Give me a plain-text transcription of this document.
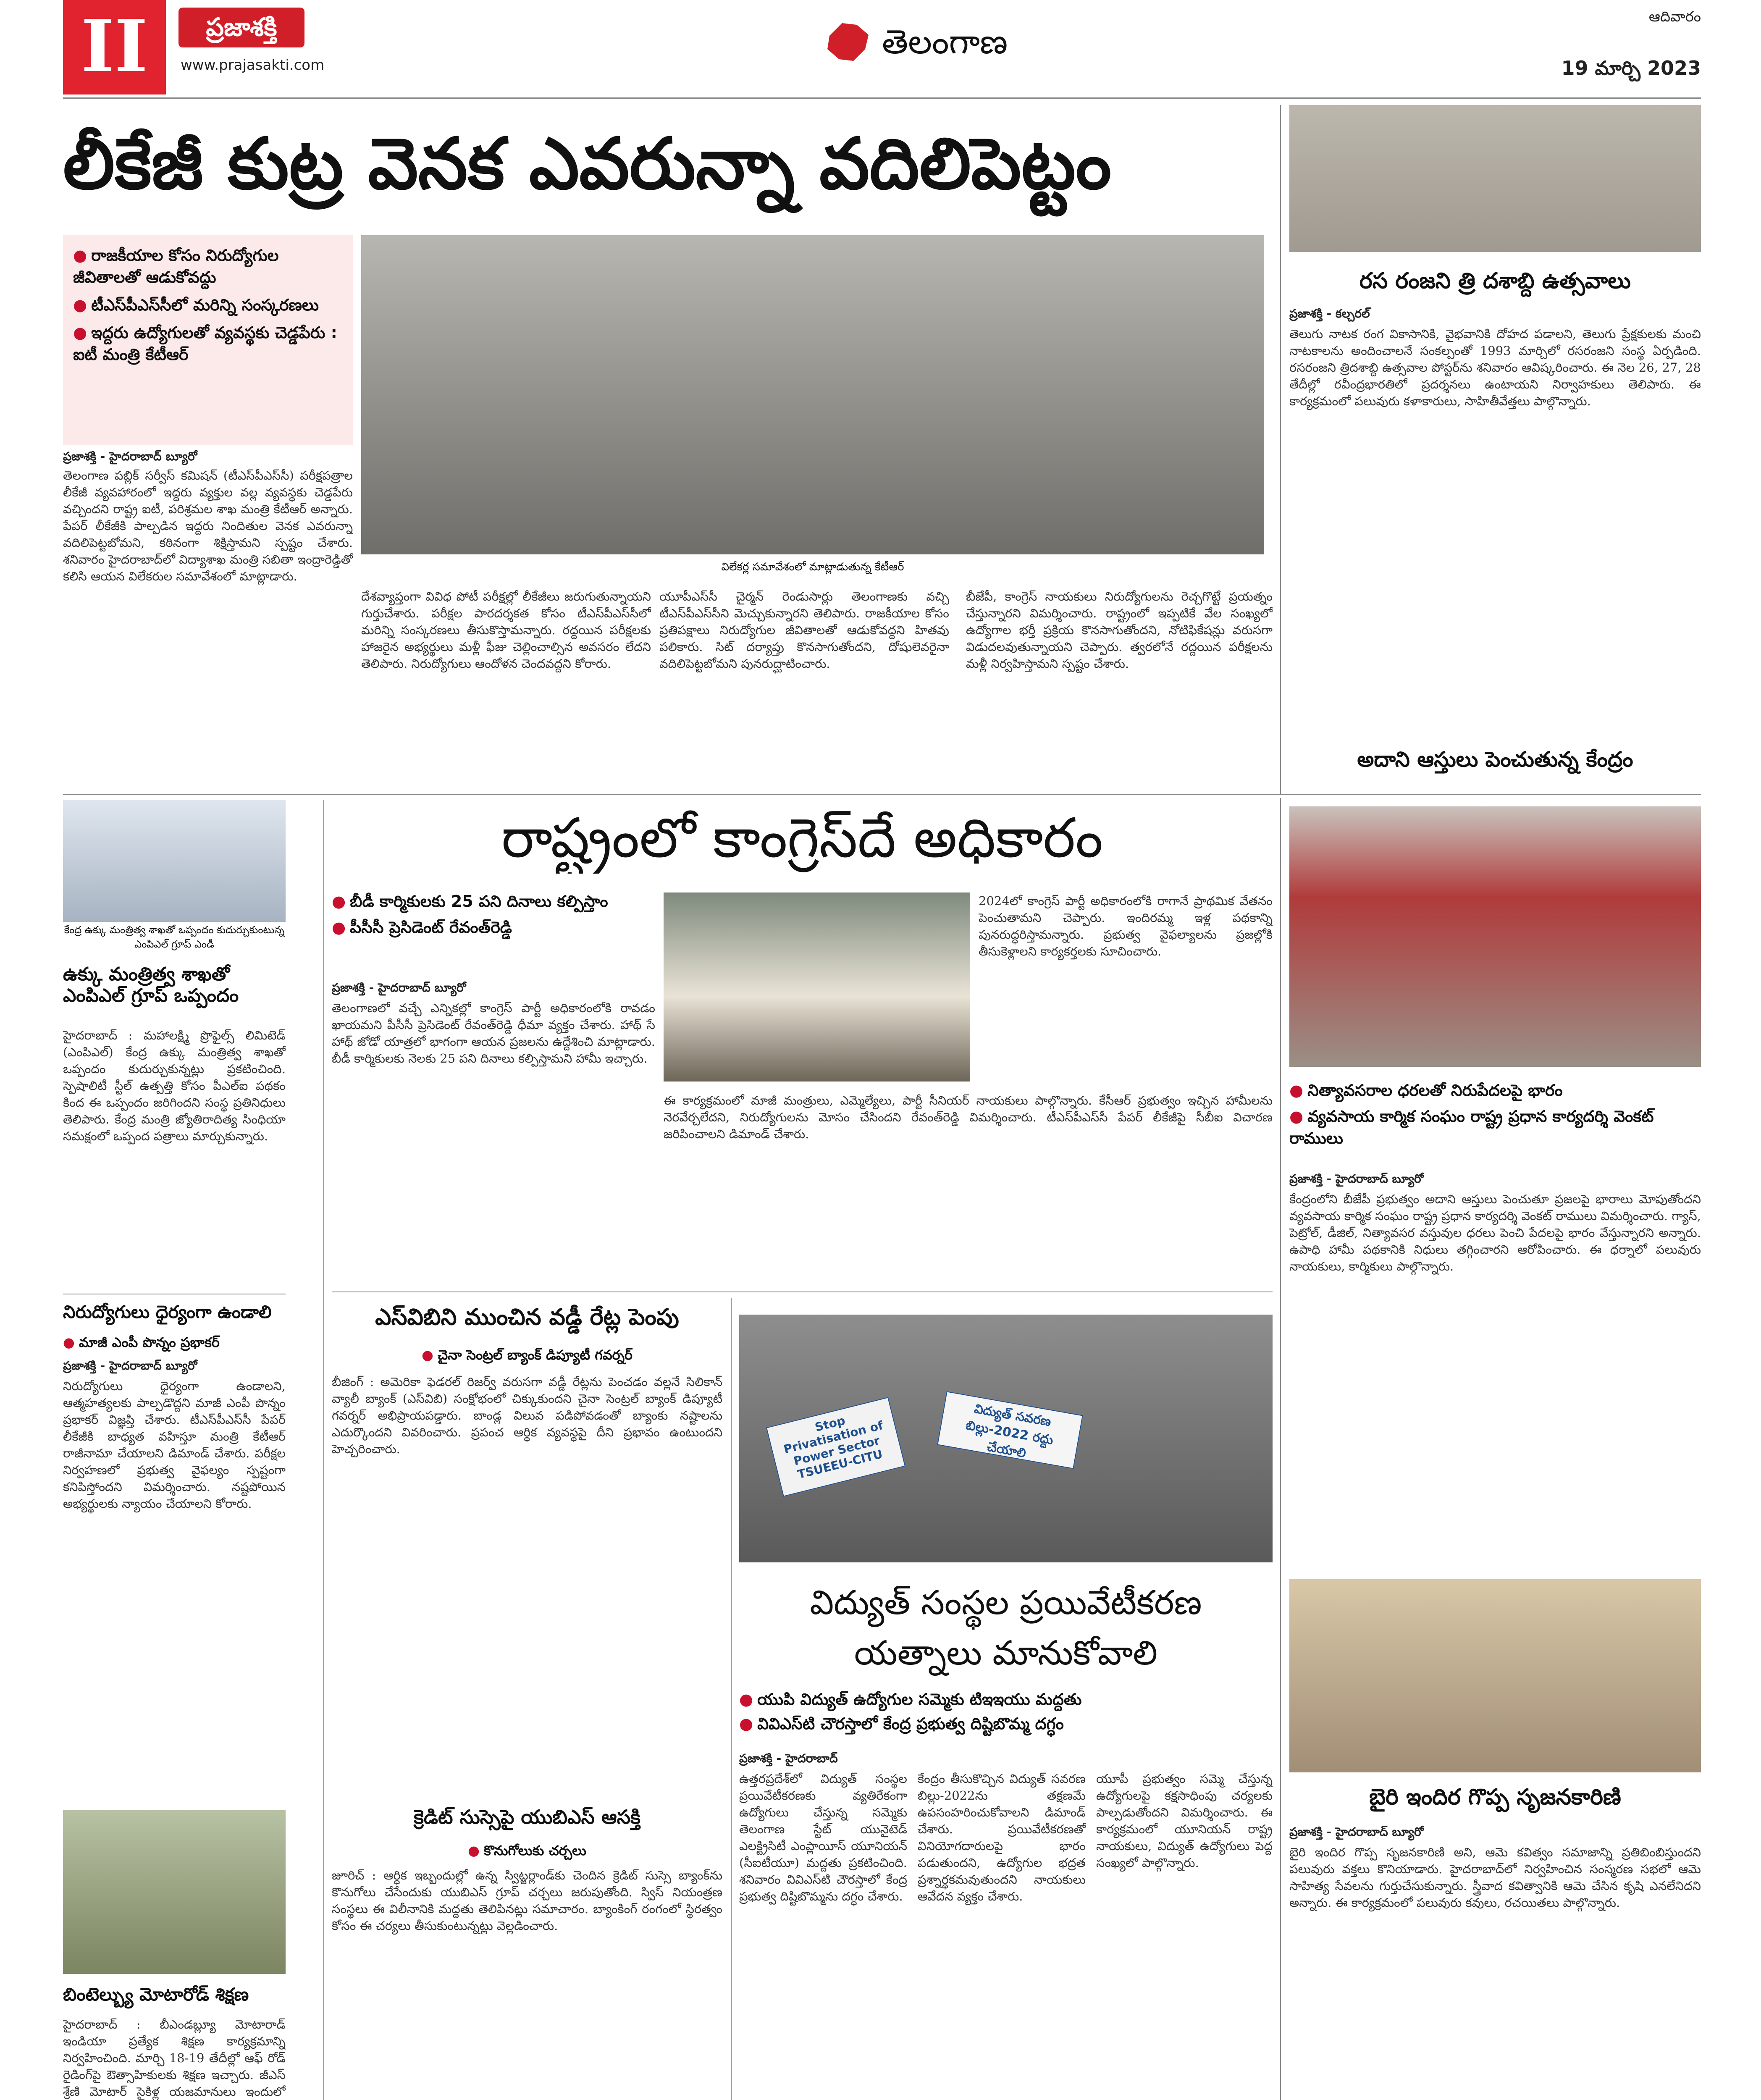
II	ప్రజాశక్తి
www.prajasakti.com
తెలంగాణ
ఆదివారం
19 మార్చి 2023
లీకేజీ కుట్ర వెనక ఎవరున్నా వదిలిపెట్టం
● రాజకీయాల కోసం నిరుద్యోగుల జీవితాలతో ఆడుకోవద్దు
● టీఎస్‌పీఎస్‌సీలో మరిన్ని సంస్కరణలు
● ఇద్దరు ఉద్యోగులతో వ్యవస్థకు చెడ్డపేరు : ఐటీ మంత్రి కేటీఆర్
విలేకర్ల సమావేశంలో మాట్లాడుతున్న కేటీఆర్
ప్రజాశక్తి - హైదరాబాద్ బ్యూరో
తెలంగాణ పబ్లిక్ సర్వీస్ కమిషన్ (టీఎస్‌పీఎస్‌సీ) పరీక్షపత్రాల లీకేజీ వ్యవహారంలో ఇద్దరు వ్యక్తుల వల్ల వ్యవస్థకు చెడ్డపేరు వచ్చిందని రాష్ట్ర ఐటీ, పరిశ్రమల శాఖ మంత్రి కేటీఆర్ అన్నారు. పేపర్ లీకేజీకి పాల్పడిన ఇద్దరు నిందితుల వెనక ఎవరున్నా వదిలిపెట్టబోమని, కఠినంగా శిక్షిస్తామని స్పష్టం చేశారు. శనివారం హైదరాబాద్‌లో విద్యాశాఖ మంత్రి సబితా ఇంద్రారెడ్డితో కలిసి ఆయన విలేకరుల సమావేశంలో మాట్లాడారు.
దేశవ్యాప్తంగా వివిధ పోటీ పరీక్షల్లో లీకేజీలు జరుగుతున్నాయని గుర్తుచేశారు. పరీక్షల పారదర్శకత కోసం టీఎస్‌పీఎస్‌సీలో మరిన్ని సంస్కరణలు తీసుకొస్తామన్నారు. రద్దయిన పరీక్షలకు హాజరైన అభ్యర్థులు మళ్లీ ఫీజు చెల్లించాల్సిన అవసరం లేదని తెలిపారు. నిరుద్యోగులు ఆందోళన చెందవద్దని కోరారు.
యూపీఎస్‌సీ చైర్మన్ రెండుసార్లు తెలంగాణకు వచ్చి టీఎస్‌పీఎస్‌సీని మెచ్చుకున్నారని తెలిపారు. రాజకీయాల కోసం ప్రతిపక్షాలు నిరుద్యోగుల జీవితాలతో ఆడుకోవద్దని హితవు పలికారు. సిట్ దర్యాప్తు కొనసాగుతోందని, దోషులెవరైనా వదిలిపెట్టబోమని పునరుద్ఘాటించారు.
బీజేపీ, కాంగ్రెస్ నాయకులు నిరుద్యోగులను రెచ్చగొట్టే ప్రయత్నం చేస్తున్నారని విమర్శించారు. రాష్ట్రంలో ఇప్పటికే వేల సంఖ్యలో ఉద్యోగాల భర్తీ ప్రక్రియ కొనసాగుతోందని, నోటిఫికేషన్లు వరుసగా విడుదలవుతున్నాయని చెప్పారు. త్వరలోనే రద్దయిన పరీక్షలను మళ్లీ నిర్వహిస్తామని స్పష్టం చేశారు.
రస రంజని త్రి దశాబ్ది ఉత్సవాలు
ప్రజాశక్తి - కల్చరల్
తెలుగు నాటక రంగ వికాసానికి, వైభవానికి దోహద పడాలని, తెలుగు ప్రేక్షకులకు మంచి నాటకాలను అందించాలనే సంకల్పంతో 1993 మార్చిలో రసరంజని సంస్థ ఏర్పడింది. రసరంజని త్రిదశాబ్ది ఉత్సవాల పోస్టర్‌ను శనివారం ఆవిష్కరించారు. ఈ నెల 26, 27, 28 తేదీల్లో రవీంద్రభారతిలో ప్రదర్శనలు ఉంటాయని నిర్వాహకులు తెలిపారు. ఈ కార్యక్రమంలో పలువురు కళాకారులు, సాహితీవేత్తలు పాల్గొన్నారు.
అదాని ఆస్తులు పెంచుతున్న కేంద్రం
● నిత్యావసరాల ధరలతో నిరుపేదలపై భారం
● వ్యవసాయ కార్మిక సంఘం రాష్ట్ర ప్రధాన కార్యదర్శి వెంకట్ రాములు
ప్రజాశక్తి - హైదరాబాద్ బ్యూరో
కేంద్రంలోని బీజేపీ ప్రభుత్వం అదాని ఆస్తులు పెంచుతూ ప్రజలపై భారాలు మోపుతోందని వ్యవసాయ కార్మిక సంఘం రాష్ట్ర ప్రధాన కార్యదర్శి వెంకట్ రాములు విమర్శించారు. గ్యాస్, పెట్రోల్, డీజిల్, నిత్యావసర వస్తువుల ధరలు పెంచి పేదలపై భారం వేస్తున్నారని అన్నారు. ఉపాధి హామీ పథకానికి నిధులు తగ్గించారని ఆరోపించారు. ఈ ధర్నాలో పలువురు నాయకులు, కార్మికులు పాల్గొన్నారు.
కేంద్ర ఉక్కు మంత్రిత్వ శాఖతో ఒప్పందం కుదుర్చుకుంటున్న ఎంపిఎల్ గ్రూప్ ఎండీ
ఉక్కు మంత్రిత్వ శాఖతో ఎంపిఎల్ గ్రూప్ ఒప్పందం
హైదరాబాద్ : మహాలక్ష్మి ప్రొఫైల్స్ లిమిటెడ్ (ఎంపిఎల్) కేంద్ర ఉక్కు మంత్రిత్వ శాఖతో ఒప్పందం కుదుర్చుకున్నట్లు ప్రకటించింది. స్పెషాలిటీ స్టీల్ ఉత్పత్తి కోసం పీఎల్ఐ పథకం కింద ఈ ఒప్పందం జరిగిందని సంస్థ ప్రతినిధులు తెలిపారు. కేంద్ర మంత్రి జ్యోతిరాదిత్య సింధియా సమక్షంలో ఒప్పంద పత్రాలు మార్చుకున్నారు.
నిరుద్యోగులు ధైర్యంగా ఉండాలి
● మాజీ ఎంపీ పొన్నం ప్రభాకర్
ప్రజాశక్తి - హైదరాబాద్ బ్యూరో
నిరుద్యోగులు ధైర్యంగా ఉండాలని, ఆత్మహత్యలకు పాల్పడొద్దని మాజీ ఎంపీ పొన్నం ప్రభాకర్ విజ్ఞప్తి చేశారు. టీఎస్‌పీఎస్‌సీ పేపర్ లీకేజీకి బాధ్యత వహిస్తూ మంత్రి కేటీఆర్ రాజీనామా చేయాలని డిమాండ్ చేశారు. పరీక్షల నిర్వహణలో ప్రభుత్వ వైఫల్యం స్పష్టంగా కనిపిస్తోందని విమర్శించారు. నష్టపోయిన అభ్యర్థులకు న్యాయం చేయాలని కోరారు.
బింటెల్బ్యు మోటారోడ్ శిక్షణ
హైదరాబాద్ : బీఎండబ్ల్యూ మోటారాడ్ ఇండియా ప్రత్యేక శిక్షణ కార్యక్రమాన్ని నిర్వహించింది. మార్చి 18-19 తేదీల్లో ఆఫ్ రోడ్ రైడింగ్‌పై ఔత్సాహికులకు శిక్షణ ఇచ్చారు. జీఎస్ శ్రేణి మోటార్ సైకిళ్ల యజమానులు ఇందులో
రాష్ట్రంలో కాంగ్రెస్‌దే అధికారం
● బీడీ కార్మికులకు 25 పని దినాలు కల్పిస్తాం
● పీసీసీ ప్రెసిడెంట్ రేవంత్‌రెడ్డి
ప్రజాశక్తి - హైదరాబాద్ బ్యూరో
తెలంగాణలో వచ్చే ఎన్నికల్లో కాంగ్రెస్ పార్టీ అధికారంలోకి రావడం ఖాయమని పీసీసీ ప్రెసిడెంట్ రేవంత్‌రెడ్డి ధీమా వ్యక్తం చేశారు. హాథ్ సే హాథ్ జోడో యాత్రలో భాగంగా ఆయన ప్రజలను ఉద్దేశించి మాట్లాడారు. బీడీ కార్మికులకు నెలకు 25 పని దినాలు కల్పిస్తామని హామీ ఇచ్చారు.
2024లో కాంగ్రెస్ పార్టీ అధికారంలోకి రాగానే ప్రాథమిక వేతనం పెంచుతామని చెప్పారు. ఇందిరమ్మ ఇళ్ల పథకాన్ని పునరుద్ధరిస్తామన్నారు. ప్రభుత్వ వైఫల్యాలను ప్రజల్లోకి తీసుకెళ్లాలని కార్యకర్తలకు సూచించారు.
ఈ కార్యక్రమంలో మాజీ మంత్రులు, ఎమ్మెల్యేలు, పార్టీ సీనియర్ నాయకులు పాల్గొన్నారు. కేసీఆర్ ప్రభుత్వం ఇచ్చిన హామీలను నెరవేర్చలేదని, నిరుద్యోగులను మోసం చేసిందని రేవంత్‌రెడ్డి విమర్శించారు. టీఎస్‌పీఎస్‌సీ పేపర్ లీకేజీపై సీబీఐ విచారణ జరిపించాలని డిమాండ్ చేశారు.
ఎస్‌విబిని ముంచిన వడ్డీ రేట్ల పెంపు
● చైనా సెంట్రల్ బ్యాంక్ డిప్యూటీ గవర్నర్
బీజింగ్ : అమెరికా ఫెడరల్ రిజర్వ్ వరుసగా వడ్డీ రేట్లను పెంచడం వల్లనే సిలికాన్ వ్యాలీ బ్యాంక్ (ఎస్‌విబి) సంక్షోభంలో చిక్కుకుందని చైనా సెంట్రల్ బ్యాంక్ డిప్యూటీ గవర్నర్ అభిప్రాయపడ్డారు. బాండ్ల విలువ పడిపోవడంతో బ్యాంకు నష్టాలను ఎదుర్కొందని వివరించారు. ప్రపంచ ఆర్థిక వ్యవస్థపై దీని ప్రభావం ఉంటుందని హెచ్చరించారు.
క్రెడిట్ సుస్సెపై యుబిఎస్ ఆసక్తి
● కొనుగోలుకు చర్చలు
జూరిచ్ : ఆర్థిక ఇబ్బందుల్లో ఉన్న స్విట్జర్లాండ్‌కు చెందిన క్రెడిట్ సుస్సె బ్యాంక్‌ను కొనుగోలు చేసేందుకు యుబిఎస్ గ్రూప్ చర్చలు జరుపుతోంది. స్విస్ నియంత్రణ సంస్థలు ఈ విలీనానికి మద్దతు తెలిపినట్లు సమాచారం. బ్యాంకింగ్ రంగంలో స్థిరత్వం కోసం ఈ చర్యలు తీసుకుంటున్నట్లు వెల్లడించారు.
Stop Privatisation of Power Sector TSUEEU-CITU
విద్యుత్ సవరణ బిల్లు-2022 రద్దు చేయాలి
విద్యుత్ సంస్థల ప్రయివేటీకరణ
యత్నాలు మానుకోవాలి
● యుపి విద్యుత్ ఉద్యోగుల సమ్మెకు టిఇఇయు మద్దతు
● వివిఎస్‌టి చౌరస్తాలో కేంద్ర ప్రభుత్వ దిష్టిబొమ్మ దగ్ధం
ప్రజాశక్తి - హైదరాబాద్
ఉత్తరప్రదేశ్‌లో విద్యుత్ సంస్థల ప్రయివేటీకరణకు వ్యతిరేకంగా ఉద్యోగులు చేస్తున్న సమ్మెకు తెలంగాణ స్టేట్ యునైటెడ్ ఎలక్ట్రిసిటీ ఎంప్లాయీస్ యూనియన్ (సీఐటీయూ) మద్దతు ప్రకటించింది. శనివారం వివిఎస్‌టి చౌరస్తాలో కేంద్ర ప్రభుత్వ దిష్టిబొమ్మను దగ్ధం చేశారు.
కేంద్రం తీసుకొచ్చిన విద్యుత్ సవరణ బిల్లు-2022ను తక్షణమే ఉపసంహరించుకోవాలని డిమాండ్ చేశారు. ప్రయివేటీకరణతో వినియోగదారులపై భారం పడుతుందని, ఉద్యోగుల భద్రత ప్రశ్నార్థకమవుతుందని నాయకులు ఆవేదన వ్యక్తం చేశారు.
యూపీ ప్రభుత్వం సమ్మె చేస్తున్న ఉద్యోగులపై కక్షసాధింపు చర్యలకు పాల్పడుతోందని విమర్శించారు. ఈ కార్యక్రమంలో యూనియన్ రాష్ట్ర నాయకులు, విద్యుత్ ఉద్యోగులు పెద్ద సంఖ్యలో పాల్గొన్నారు.
బైరి ఇందిర గొప్ప సృజనకారిణి
ప్రజాశక్తి - హైదరాబాద్ బ్యూరో
బైరి ఇందిర గొప్ప సృజనకారిణి అని, ఆమె కవిత్వం సమాజాన్ని ప్రతిబింబిస్తుందని పలువురు వక్తలు కొనియాడారు. హైదరాబాద్‌లో నిర్వహించిన సంస్మరణ సభలో ఆమె సాహిత్య సేవలను గుర్తుచేసుకున్నారు. స్త్రీవాద కవిత్వానికి ఆమె చేసిన కృషి ఎనలేనిదని అన్నారు. ఈ కార్యక్రమంలో పలువురు కవులు, రచయితలు పాల్గొన్నారు.
